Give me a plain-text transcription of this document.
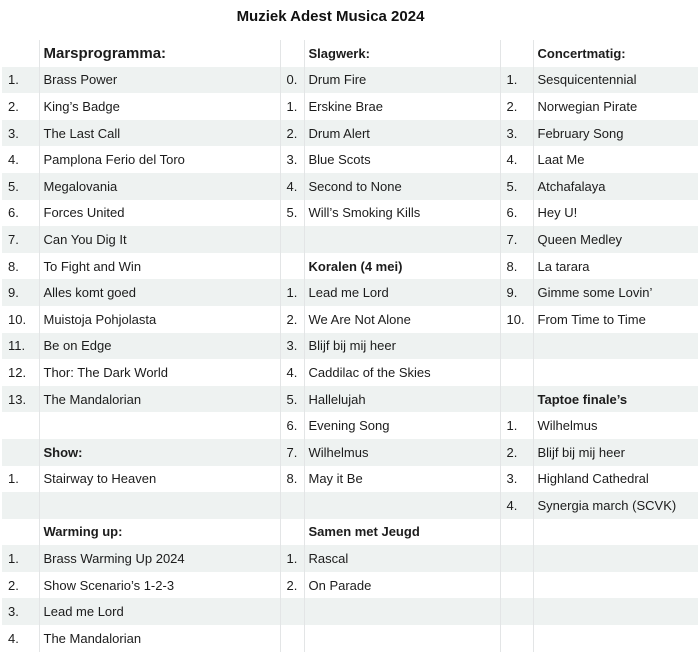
Muziek Adest Musica 2024
	Marsprogramma:		Slagwerk:		Concertmatig:
1.	Brass Power	0.	Drum Fire	1.	Sesquicentennial
2.	King’s Badge	1.	Erskine Brae	2.	Norwegian Pirate
3.	The Last Call	2.	Drum Alert	3.	February Song
4.	Pamplona Ferio del Toro	3.	Blue Scots	4.	Laat Me
5.	Megalovania	4.	Second to None	5.	Atchafalaya
6.	Forces United	5.	Will’s Smoking Kills	6.	Hey U!
7.	Can You Dig It			7.	Queen Medley
8.	To Fight and Win		Koralen (4 mei)	8.	La tarara
9.	Alles komt goed	1.	Lead me Lord	9.	Gimme some Lovin’
10.	Muistoja Pohjolasta	2.	We Are Not Alone	10.	From Time to Time
11.	Be on Edge	3.	Blijf bij mij heer		
12.	Thor: The Dark World	4.	Caddilac of the Skies		
13.	The Mandalorian	5.	Hallelujah		Taptoe finale’s
		6.	Evening Song	1.	Wilhelmus
	Show:	7.	Wilhelmus	2.	Blijf bij mij heer
1.	Stairway to Heaven	8.	May it Be	3.	Highland Cathedral
				4.	Synergia march (SCVK)
	Warming up:		Samen met Jeugd		
1.	Brass Warming Up 2024	1.	Rascal		
2.	Show Scenario’s 1-2-3	2.	On Parade		
3.	Lead me Lord				
4.	The Mandalorian				
